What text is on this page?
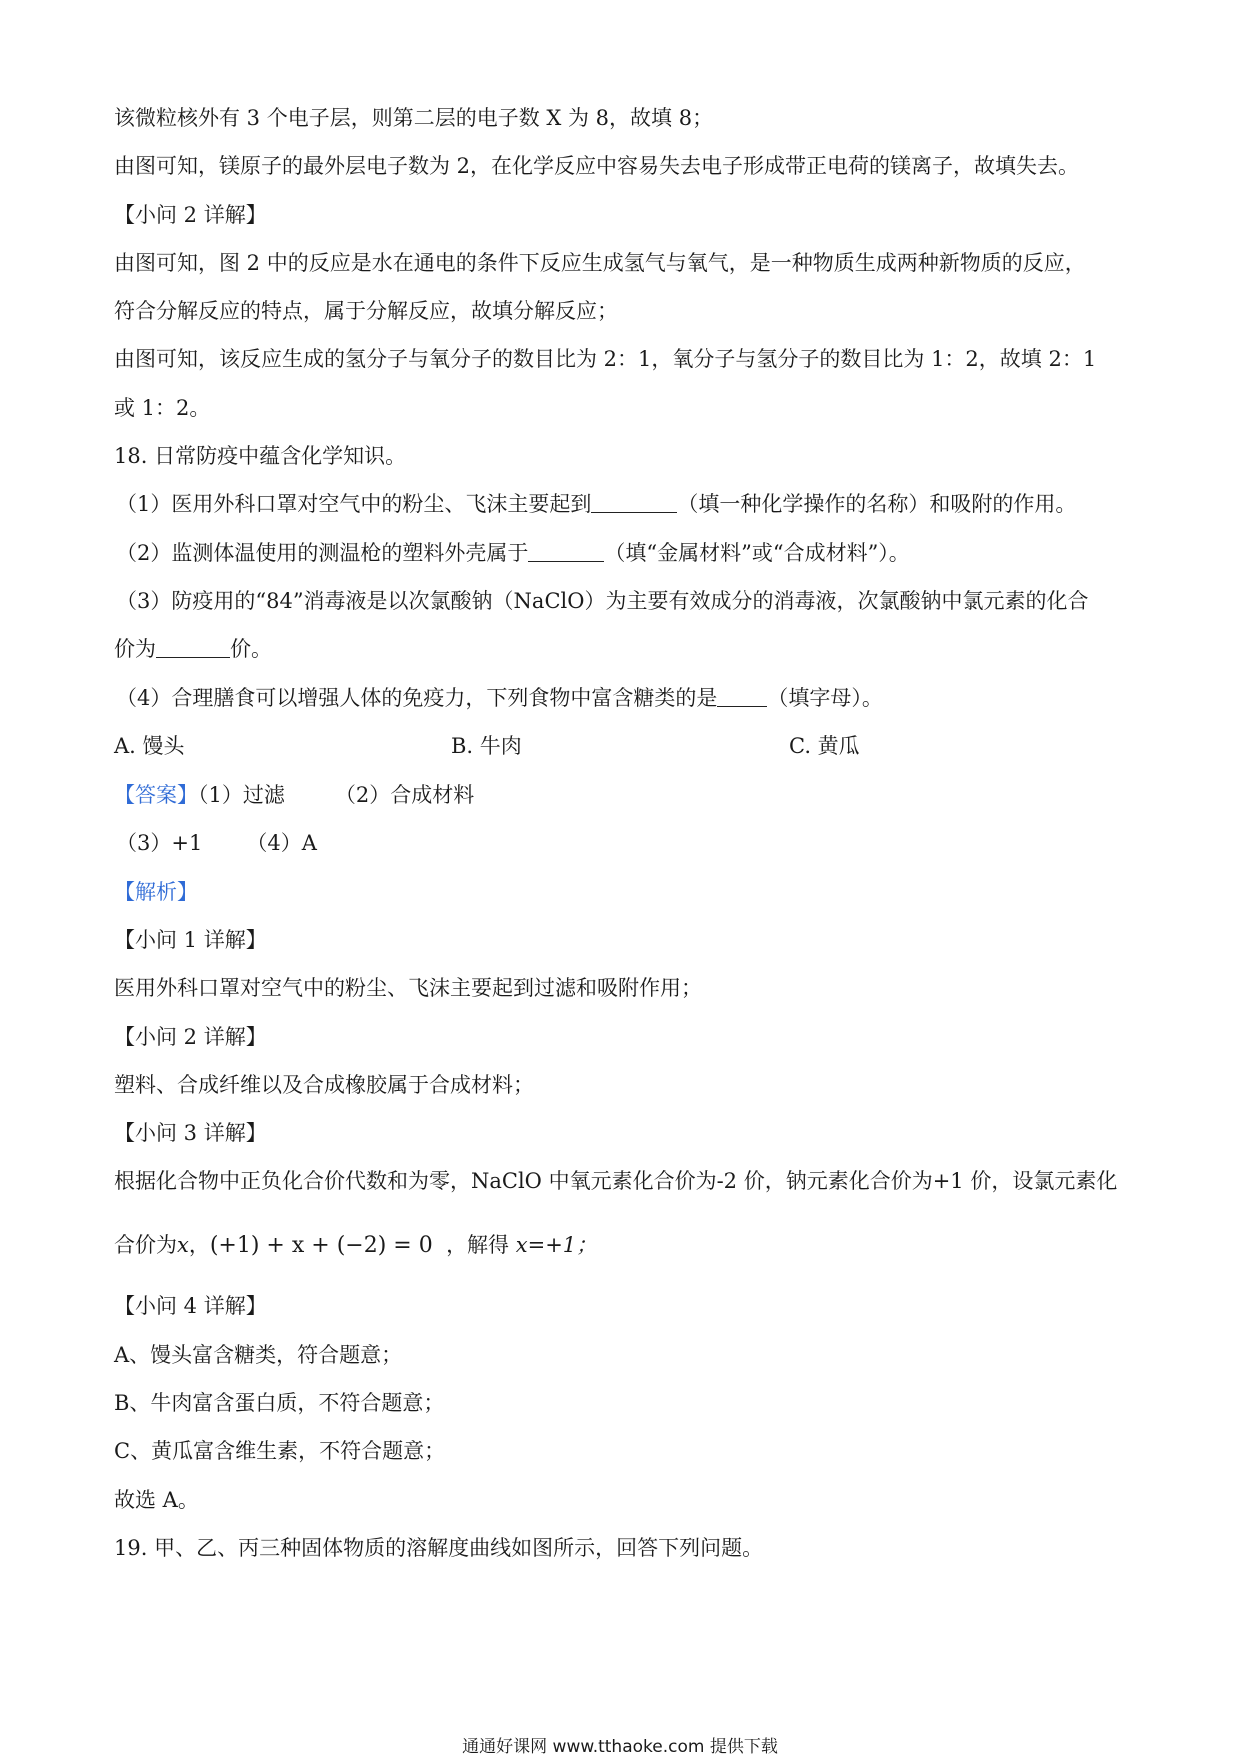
该微粒核外有 3 个电子层，则第二层的电子数 X 为 8，故填 8；
由图可知，镁原子的最外层电子数为 2，在化学反应中容易失去电子形成带正电荷的镁离子，故填失去。
【小问 2 详解】
由图可知，图 2 中的反应是水在通电的条件下反应生成氢气与氧气，是一种物质生成两种新物质的反应，
符合分解反应的特点，属于分解反应，故填分解反应；
由图可知，该反应生成的氢分子与氧分子的数目比为 2：1，氧分子与氢分子的数目比为 1：2，故填 2：1
或 1：2。
18. 日常防疫中蕴含化学知识。
（1）医用外科口罩对空气中的粉尘、飞沫主要起到	（填一种化学操作的名称）和吸附的作用。
（2）监测体温使用的测温枪的塑料外壳属于	（填“金属材料”或“合成材料”）。
（3）防疫用的“84”消毒液是以次氯酸钠（NaClO）为主要有效成分的消毒液，次氯酸钠中氯元素的化合
价为	价。
（4）合理膳食可以增强人体的免疫力，下列食物中富含糖类的是 （填字母）。
A. 馒头	B. 牛肉	C. 黄瓜
【答案】（1）过滤 （2）合成材料
（3）+1 （4）A
【解析】
【小问 1 详解】
医用外科口罩对空气中的粉尘、飞沫主要起到过滤和吸附作用；
【小问 2 详解】
塑料、合成纤维以及合成橡胶属于合成材料；
【小问 3 详解】
根据化合物中正负化合价代数和为零，NaClO 中氧元素化合价为-2 价，钠元素化合价为+1 价，设氯元素化
合价为x，(+1) + x + (−2) = 0 ，解得 x=+1；
【小问 4 详解】
A、馒头富含糖类，符合题意；
B、牛肉富含蛋白质，不符合题意；
C、黄瓜富含维生素，不符合题意；
故选 A。
19. 甲、乙、丙三种固体物质的溶解度曲线如图所示，回答下列问题。
通通好课网 www.tthaoke.com 提供下载
